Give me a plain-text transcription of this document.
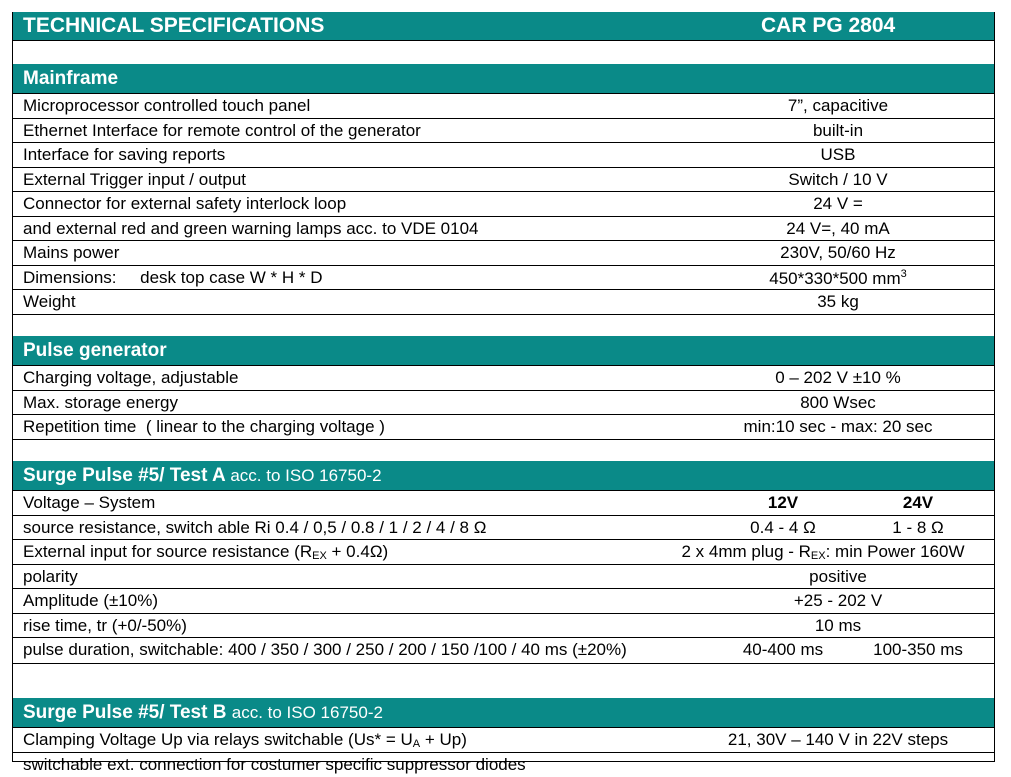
TECHNICAL SPECIFICATIONS	CAR PG 2804
Mainframe
Microprocessor controlled touch panel	7”, capacitive
Ethernet Interface for remote control of the generator	built-in
Interface for saving reports	USB
External Trigger input / output	Switch / 10 V
Connector for external safety interlock loop	24 V =
and external red and green warning lamps acc. to VDE 0104	24 V=, 40 mA
Mains power	230V, 50/60 Hz
Dimensions:     desk top case W * H * D	450*330*500 $mm^3$
Weight	35 kg
Pulse generator
Charging voltage, adjustable	0 – 202 V ±10 %
Max. storage energy	800 Wsec
Repetition time  ( linear to the charging voltage )	min:10 sec - max: 20 sec
Surge Pulse #5/ Test A acc. to ISO 16750-2
Voltage – System	12V	24V
source resistance, switch able Ri 0.4 / 0,5 / 0.8 / 1 / 2 / 4 / 8 Ω	0.4 - 4 Ω	1 - 8 Ω
External input for source resistance (REX + 0.4Ω)	2 x 4mm plug - REX: min Power 160W
polarity	positive
Amplitude (±10%)	+25 - 202 V
rise time, tr (+0/-50%)	10 ms
pulse duration, switchable: 400 / 350 / 300 / 250 / 200 / 150 /100 / 40 ms (±20%)	40-400 ms	100-350 ms
Surge Pulse #5/ Test B acc. to ISO 16750-2
Clamping Voltage Up via relays switchable (Us* = UA + Up)	21, 30V – 140 V in 22V steps
switchable ext. connection for costumer specific suppressor diodes
